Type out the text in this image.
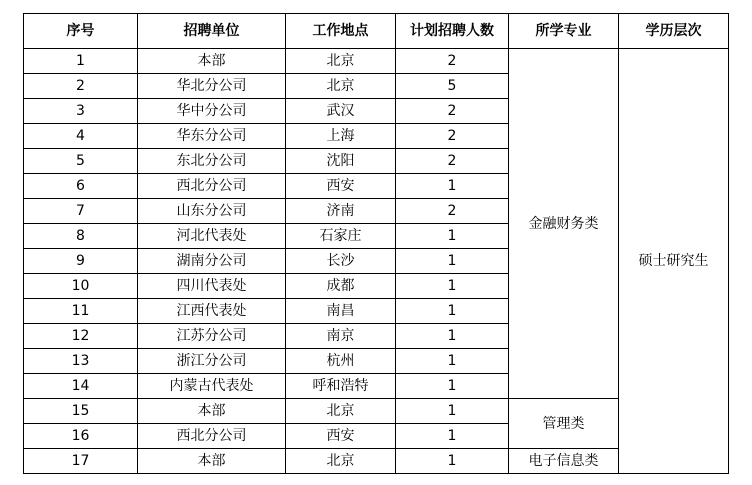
序号	招聘单位	工作地点	计划招聘人数	所学专业	学历层次
1	本部	北京	2	金融财务类	硕士研究生
2	华北分公司	北京	5		
3	华中分公司	武汉	2		
4	华东分公司	上海	2		
5	东北分公司	沈阳	2		
6	西北分公司	西安	1		
7	山东分公司	济南	2		
8	河北代表处	石家庄	1		
9	湖南分公司	长沙	1		
10	四川代表处	成都	1		
11	江西代表处	南昌	1		
12	江苏分公司	南京	1		
13	浙江分公司	杭州	1		
14	内蒙古代表处	呼和浩特	1		
15	本部	北京	1	管理类	
16	西北分公司	西安	1		
17	本部	北京	1	电子信息类	
